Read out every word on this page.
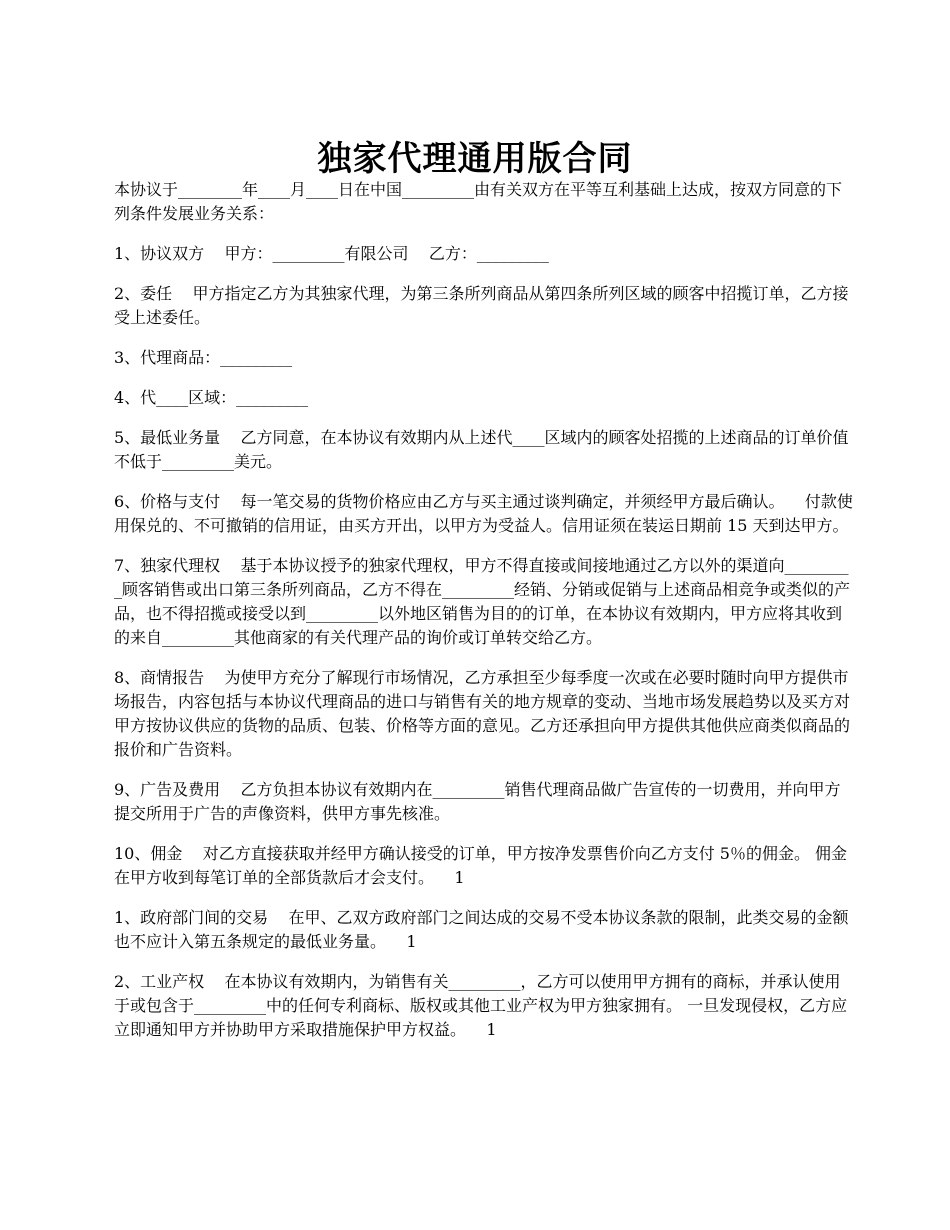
独家代理通用版合同

本协议于________年____月____日在中国_________由有关双方在平等互利基础上达成，按双方同意的下列条件发展业务关系：

1、协议双方    甲方：_________有限公司    乙方：_________

2、委任    甲方指定乙方为其独家代理，为第三条所列商品从第四条所列区域的顾客中招揽订单，乙方接受上述委任。

3、代理商品：_________

4、代____区域：_________

5、最低业务量    乙方同意，在本协议有效期内从上述代____区域内的顾客处招揽的上述商品的订单价值不低于_________美元。

6、价格与支付    每一笔交易的货物价格应由乙方与买主通过谈判确定，并须经甲方最后确认。    付款使用保兑的、不可撤销的信用证，由买方开出，以甲方为受益人。信用证须在装运日期前 15 天到达甲方。

7、独家代理权    基于本协议授予的独家代理权，甲方不得直接或间接地通过乙方以外的渠道向_________顾客销售或出口第三条所列商品，乙方不得在_________经销、分销或促销与上述商品相竞争或类似的产品，也不得招揽或接受以到_________以外地区销售为目的的订单，在本协议有效期内，甲方应将其收到的来自_________其他商家的有关代理产品的询价或订单转交给乙方。

8、商情报告    为使甲方充分了解现行市场情况，乙方承担至少每季度一次或在必要时随时向甲方提供市场报告，内容包括与本协议代理商品的进口与销售有关的地方规章的变动、当地市场发展趋势以及买方对甲方按协议供应的货物的品质、包装、价格等方面的意见。乙方还承担向甲方提供其他供应商类似商品的报价和广告资料。

9、广告及费用    乙方负担本协议有效期内在_________销售代理商品做广告宣传的一切费用，并向甲方提交所用于广告的声像资料，供甲方事先核准。

10、佣金    对乙方直接获取并经甲方确认接受的订单，甲方按净发票售价向乙方支付 5％的佣金。 佣金在甲方收到每笔订单的全部货款后才会支付。    1

1、政府部门间的交易    在甲、乙双方政府部门之间达成的交易不受本协议条款的限制，此类交易的金额也不应计入第五条规定的最低业务量。    1

2、工业产权    在本协议有效期内，为销售有关_________，乙方可以使用甲方拥有的商标，并承认使用于或包含于_________中的任何专利商标、版权或其他工业产权为甲方独家拥有。 一旦发现侵权，乙方应立即通知甲方并协助甲方采取措施保护甲方权益。    1
